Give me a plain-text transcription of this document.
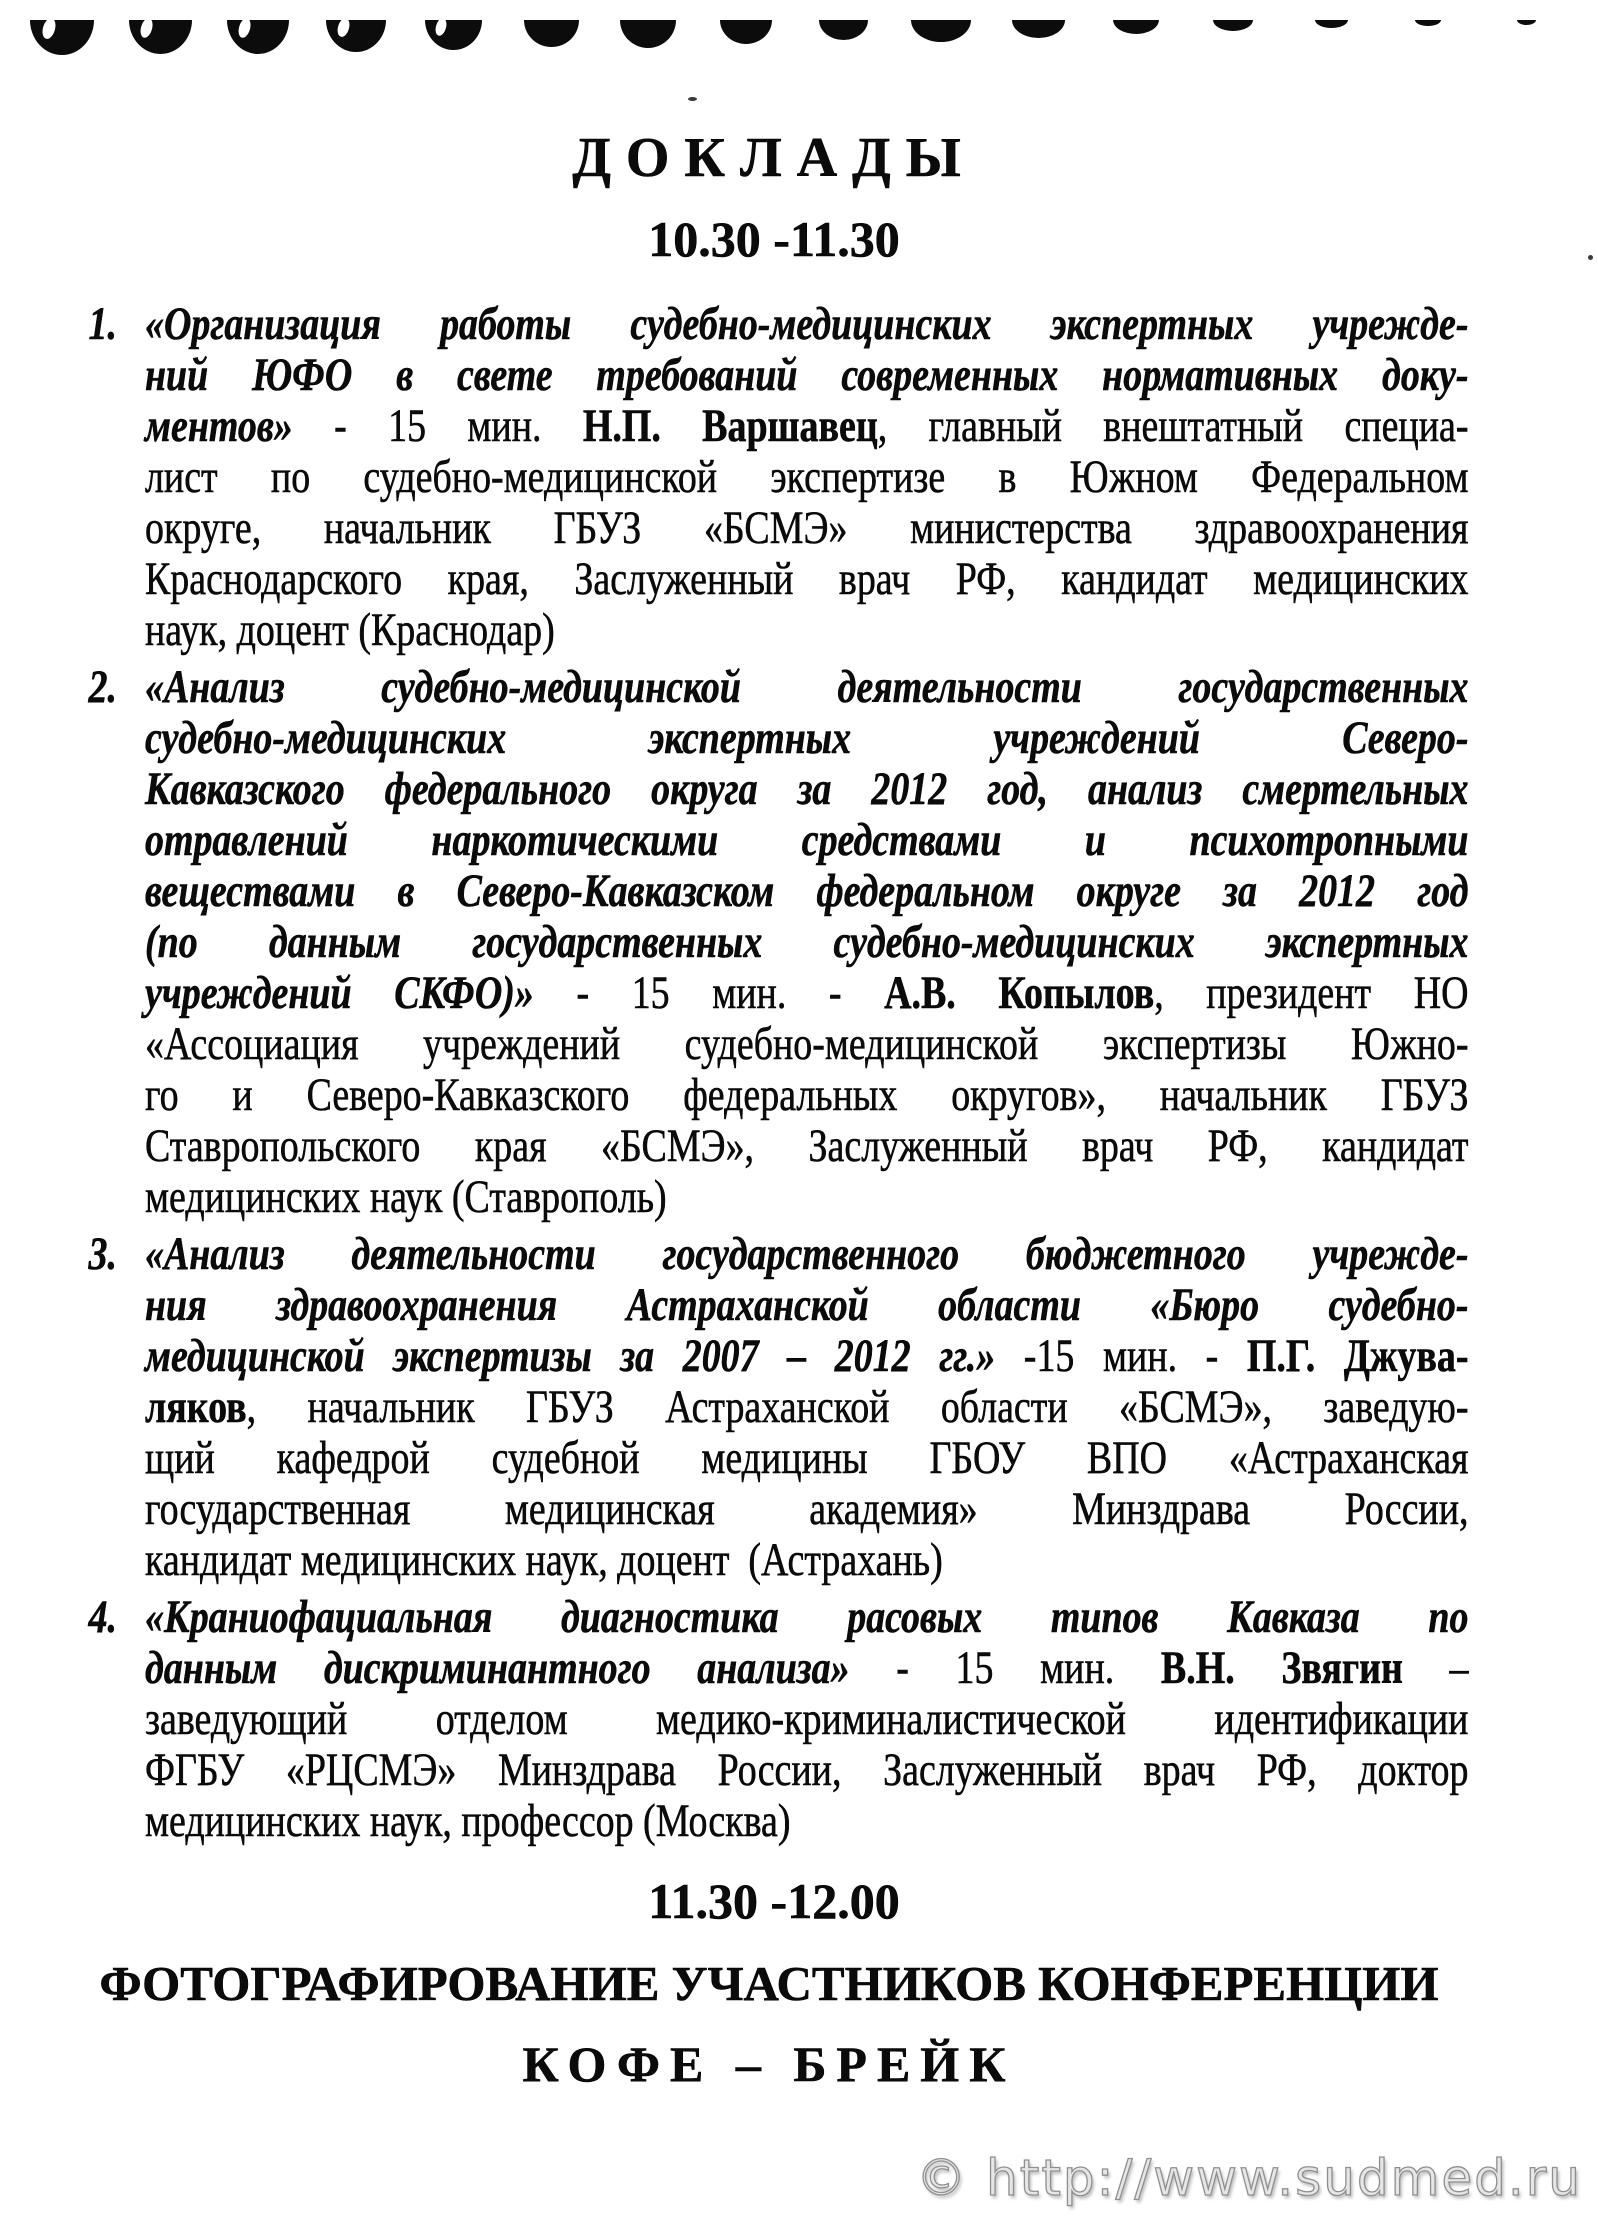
ДОКЛАДЫ
10.30 -11.30
1. «Организация работы судебно-медицинских экспертных учрежде-
ний ЮФО в свете требований современных нормативных доку-
ментов» - 15 мин. Н.П. Варшавец, главный внештатный специа-
лист по судебно-медицинской экспертизе в Южном Федеральном
округе, начальник ГБУЗ «БСМЭ» министерства здравоохранения
Краснодарского края, Заслуженный врач РФ, кандидат медицинских
наук, доцент (Краснодар)
2. «Анализ судебно-медицинской деятельности государственных
судебно-медицинских экспертных учреждений Северо-
Кавказского федерального округа за 2012 год, анализ смертельных
отравлений наркотическими средствами и психотропными
веществами в Северо-Кавказском федеральном округе за 2012 год
(по данным государственных судебно-медицинских экспертных
учреждений СКФО)» - 15 мин. - А.В. Копылов, президент НО
«Ассоциация учреждений судебно-медицинской экспертизы Южно-
го и Северо-Кавказского федеральных округов», начальник ГБУЗ
Ставропольского края «БСМЭ», Заслуженный врач РФ, кандидат
медицинских наук (Ставрополь)
3. «Анализ деятельности государственного бюджетного учрежде-
ния здравоохранения Астраханской области «Бюро судебно-
медицинской экспертизы за 2007 – 2012 гг.» -15 мин. - П.Г. Джува-
ляков, начальник ГБУЗ Астраханской области «БСМЭ», заведую-
щий кафедрой судебной медицины ГБОУ ВПО «Астраханская
государственная медицинская академия» Минздрава России,
кандидат медицинских наук, доцент  (Астрахань)
4. «Краниофациальная диагностика расовых типов Кавказа по
данным дискриминантного анализа» - 15 мин. В.Н. Звягин –
заведующий отделом медико-криминалистической идентификации
ФГБУ «РЦСМЭ» Минздрава России, Заслуженный врач РФ, доктор
медицинских наук, профессор (Москва)
11.30 -12.00
ФОТОГРАФИРОВАНИЕ УЧАСТНИКОВ КОНФЕРЕНЦИИ
КОФЕ – БРЕЙК
© http://www.sudmed.ru
